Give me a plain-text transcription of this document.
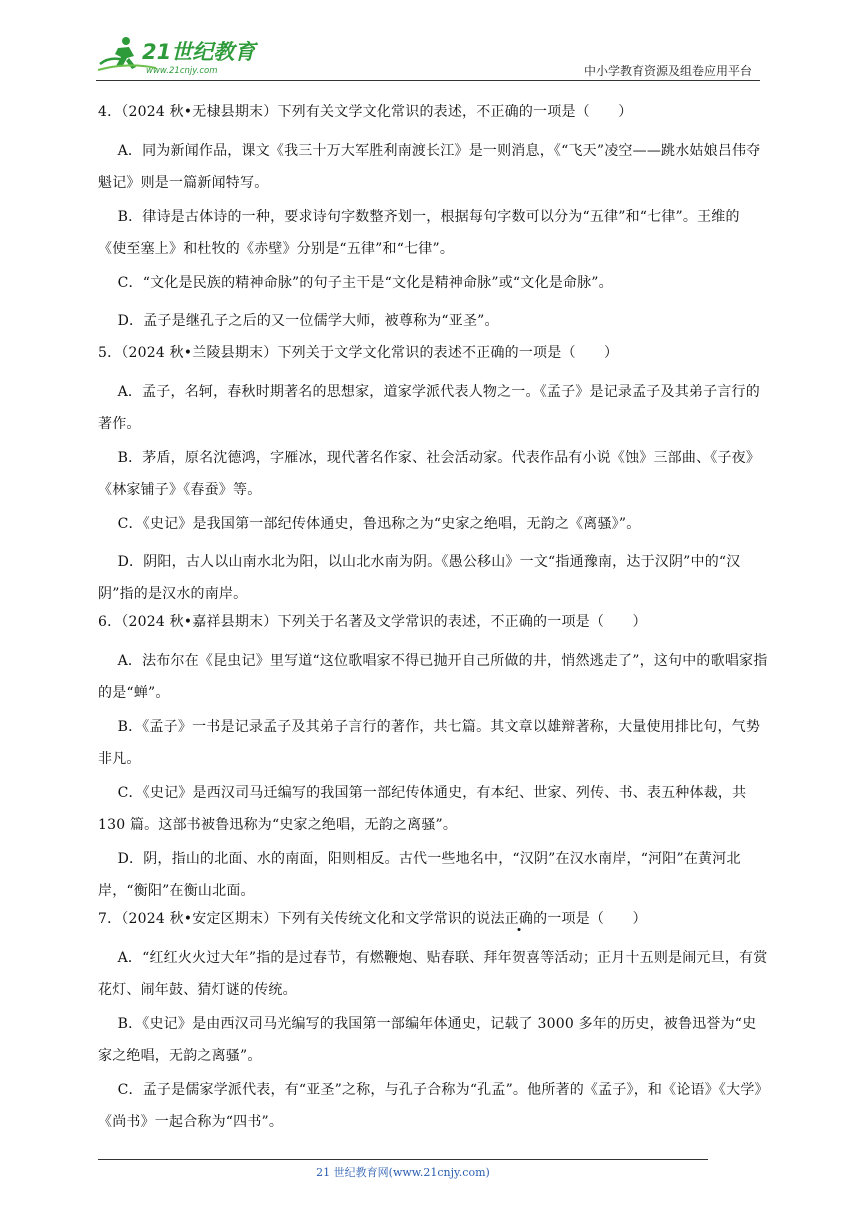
21世纪教育
www.21cnjy.com	中小学教育资源及组卷应用平台

4．（2024 秋•无棣县期末）下列有关文学文化常识的表述，不正确的一项是（　　）

A．同为新闻作品，课文《我三十万大军胜利南渡长江》是一则消息，《“飞天”凌空——跳水姑娘吕伟夺魁记》则是一篇新闻特写。

B．律诗是古体诗的一种，要求诗句字数整齐划一，根据每句字数可以分为“五律”和“七律”。王维的《使至塞上》和杜牧的《赤壁》分别是“五律”和“七律”。

C．“文化是民族的精神命脉”的句子主干是“文化是精神命脉”或“文化是命脉”。

D．孟子是继孔子之后的又一位儒学大师，被尊称为“亚圣”。

5．（2024 秋•兰陵县期末）下列关于文学文化常识的表述不正确的一项是（　　）

A．孟子，名轲，春秋时期著名的思想家，道家学派代表人物之一。《孟子》是记录孟子及其弟子言行的著作。

B．茅盾，原名沈德鸿，字雁冰，现代著名作家、社会活动家。代表作品有小说《蚀》三部曲、《子夜》《林家铺子》《春蚕》等。

C．《史记》是我国第一部纪传体通史，鲁迅称之为“史家之绝唱，无韵之《离骚》”。

D．阴阳，古人以山南水北为阳，以山北水南为阴。《愚公移山》一文“指通豫南，达于汉阴”中的“汉阴”指的是汉水的南岸。

6．（2024 秋•嘉祥县期末）下列关于名著及文学常识的表述，不正确的一项是（　　）

A．法布尔在《昆虫记》里写道“这位歌唱家不得已抛开自己所做的井，悄然逃走了”，这句中的歌唱家指的是“蝉”。

B．《孟子》一书是记录孟子及其弟子言行的著作，共七篇。其文章以雄辩著称，大量使用排比句，气势非凡。

C．《史记》是西汉司马迁编写的我国第一部纪传体通史，有本纪、世家、列传、书、表五种体裁，共 130 篇。这部书被鲁迅称为“史家之绝唱，无韵之离骚”。

D．阴，指山的北面、水的南面，阳则相反。古代一些地名中，“汉阴”在汉水南岸，“河阳”在黄河北岸，“衡阳”在衡山北面。

7．（2024 秋•安定区期末）下列有关传统文化和文学常识的说法正确的一项是（　　）

A．“红红火火过大年”指的是过春节，有燃鞭炮、贴春联、拜年贺喜等活动；正月十五则是闹元旦，有赏花灯、闹年鼓、猜灯谜的传统。

B．《史记》是由西汉司马光编写的我国第一部编年体通史，记载了 3000 多年的历史，被鲁迅誉为“史家之绝唱，无韵之离骚”。

C．孟子是儒家学派代表，有“亚圣”之称，与孔子合称为“孔孟”。他所著的《孟子》，和《论语》《大学》《尚书》一起合称为“四书”。

21 世纪教育网(www.21cnjy.com)
